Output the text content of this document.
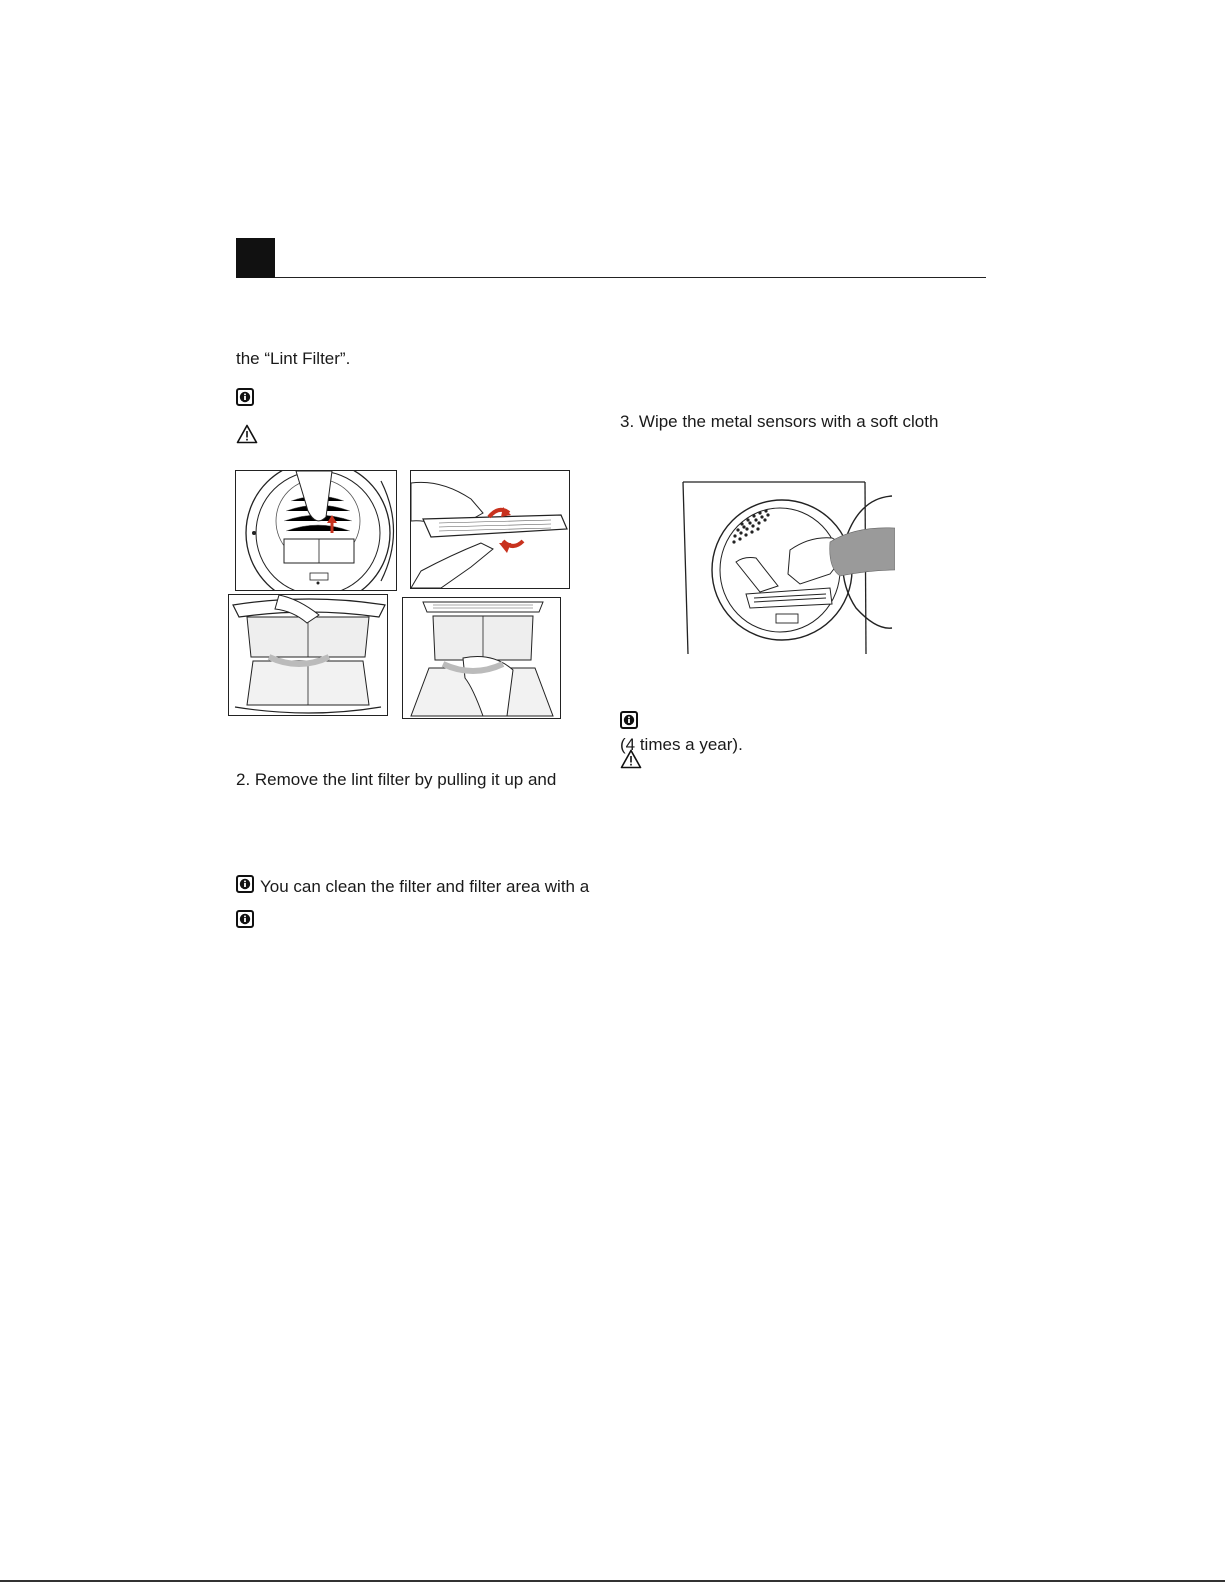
the “Lint Filter”.
2. Remove the lint filter by pulling it up and
You can clean the filter and filter area with a
3. Wipe the metal sensors with a soft cloth
(4 times a year).
